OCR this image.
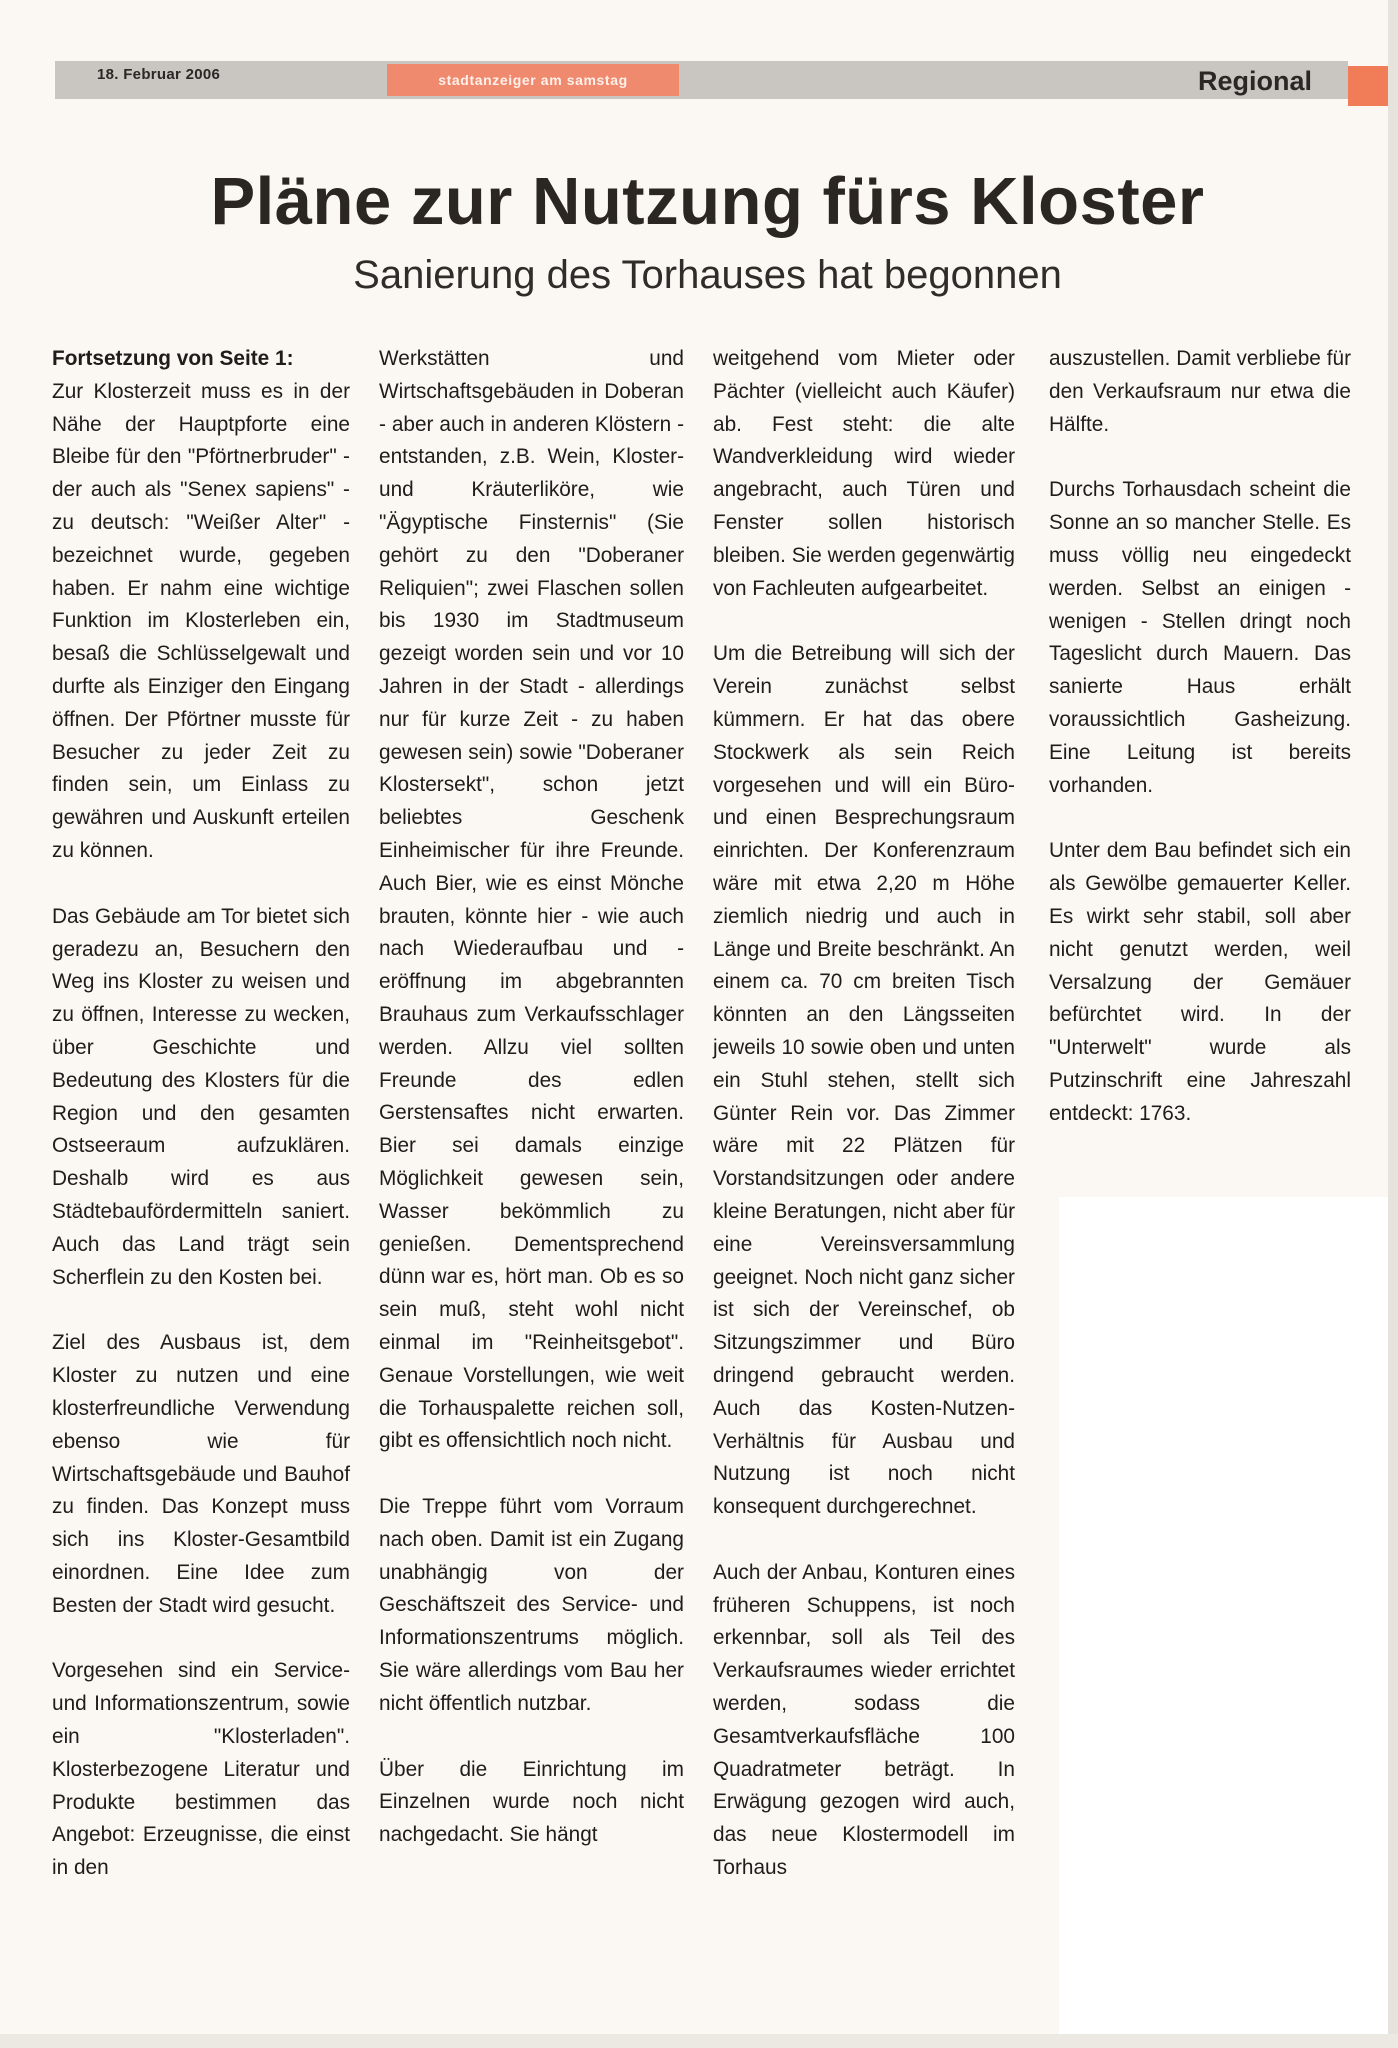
18. Februar 2006	stadtanzeiger am samstag	Regional
Pläne zur Nutzung fürs Kloster
Sanierung des Torhauses hat begonnen

Fortsetzung von Seite 1:
Zur Klosterzeit muss es in der Nähe der Hauptpforte eine Bleibe für den "Pförtnerbruder" - der auch als "Senex sapiens" - zu deutsch: "Weißer Alter" - bezeichnet wurde, gegeben haben. Er nahm eine wichtige Funktion im Klosterleben ein, besaß die Schlüsselgewalt und durfte als Einziger den Eingang öffnen. Der Pförtner musste für Besucher zu jeder Zeit zu finden sein, um Einlass zu gewähren und Auskunft erteilen zu können.

Das Gebäude am Tor bietet sich geradezu an, Besuchern den Weg ins Kloster zu weisen und zu öffnen, Interesse zu wecken, über Geschichte und Bedeutung des Klosters für die Region und den gesamten Ostseeraum aufzuklären. Deshalb wird es aus Städtebaufördermitteln saniert. Auch das Land trägt sein Scherflein zu den Kosten bei.

Ziel des Ausbaus ist, dem Kloster zu nutzen und eine klosterfreundliche Verwendung ebenso wie für Wirtschaftsgebäude und Bauhof zu finden. Das Konzept muss sich ins Kloster-Gesamtbild einordnen. Eine Idee zum Besten der Stadt wird gesucht.

Vorgesehen sind ein Service- und Informationszentrum, sowie ein "Klosterladen". Klosterbezogene Literatur und Produkte bestimmen das Angebot: Erzeugnisse, die einst in den

Werkstätten und Wirtschaftsgebäuden in Doberan - aber auch in anderen Klöstern - entstanden, z.B. Wein, Kloster- und Kräuterliköre, wie "Ägyptische Finsternis" (Sie gehört zu den "Doberaner Reliquien"; zwei Flaschen sollen bis 1930 im Stadtmuseum gezeigt worden sein und vor 10 Jahren in der Stadt - allerdings nur für kurze Zeit - zu haben gewesen sein) sowie "Doberaner Klostersekt", schon jetzt beliebtes Geschenk Einheimischer für ihre Freunde. Auch Bier, wie es einst Mönche brauten, könnte hier - wie auch nach Wiederaufbau und -eröffnung im abgebrannten Brauhaus zum Verkaufsschlager werden. Allzu viel sollten Freunde des edlen Gerstensaftes nicht erwarten. Bier sei damals einzige Möglichkeit gewesen sein, Wasser bekömmlich zu genießen. Dementsprechend dünn war es, hört man. Ob es so sein muß, steht wohl nicht einmal im "Reinheitsgebot". Genaue Vorstellungen, wie weit die Torhauspalette reichen soll, gibt es offensichtlich noch nicht.

Die Treppe führt vom Vorraum nach oben. Damit ist ein Zugang unabhängig von der Geschäftszeit des Service- und Informationszentrums möglich. Sie wäre allerdings vom Bau her nicht öffentlich nutzbar.

Über die Einrichtung im Einzelnen wurde noch nicht nachgedacht. Sie hängt

weitgehend vom Mieter oder Pächter (vielleicht auch Käufer) ab. Fest steht: die alte Wandverkleidung wird wieder angebracht, auch Türen und Fenster sollen historisch bleiben. Sie werden gegenwärtig von Fachleuten aufgearbeitet.

Um die Betreibung will sich der Verein zunächst selbst kümmern. Er hat das obere Stockwerk als sein Reich vorgesehen und will ein Büro- und einen Besprechungsraum einrichten. Der Konferenzraum wäre mit etwa 2,20 m Höhe ziemlich niedrig und auch in Länge und Breite beschränkt. An einem ca. 70 cm breiten Tisch könnten an den Längsseiten jeweils 10 sowie oben und unten ein Stuhl stehen, stellt sich Günter Rein vor. Das Zimmer wäre mit 22 Plätzen für Vorstandsitzungen oder andere kleine Beratungen, nicht aber für eine Vereinsversammlung geeignet. Noch nicht ganz sicher ist sich der Vereinschef, ob Sitzungszimmer und Büro dringend gebraucht werden. Auch das Kosten-Nutzen-Verhältnis für Ausbau und Nutzung ist noch nicht konsequent durchgerechnet.

Auch der Anbau, Konturen eines früheren Schuppens, ist noch erkennbar, soll als Teil des Verkaufsraumes wieder errichtet werden, sodass die Gesamtverkaufsfläche 100 Quadratmeter beträgt. In Erwägung gezogen wird auch, das neue Klostermodell im Torhaus

auszustellen. Damit verbliebe für den Verkaufsraum nur etwa die Hälfte.

Durchs Torhausdach scheint die Sonne an so mancher Stelle. Es muss völlig neu eingedeckt werden. Selbst an einigen - wenigen - Stellen dringt noch Tageslicht durch Mauern. Das sanierte Haus erhält voraussichtlich Gasheizung. Eine Leitung ist bereits vorhanden.

Unter dem Bau befindet sich ein als Gewölbe gemauerter Keller. Es wirkt sehr stabil, soll aber nicht genutzt werden, weil Versalzung der Gemäuer befürchtet wird. In der "Unterwelt" wurde als Putzinschrift eine Jahreszahl entdeckt: 1763.
